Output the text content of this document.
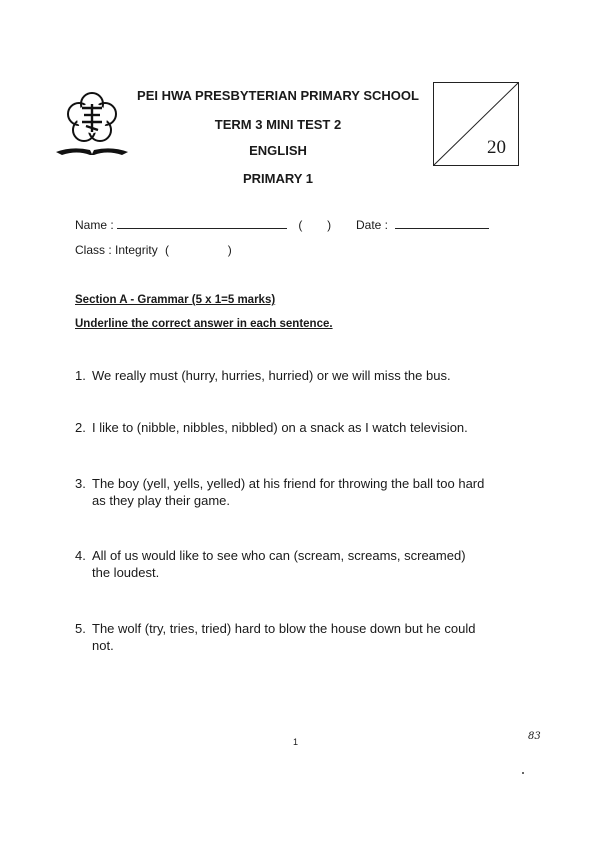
PEI HWA PRESBYTERIAN PRIMARY SCHOOL
TERM 3 MINI TEST 2
ENGLISH
PRIMARY 1
20
Name :	( ) Date :
Class : Integrity (	)
Section A - Grammar (5 x 1=5 marks)
Underline the correct answer in each sentence.
1. We really must (hurry, hurries, hurried) or we will miss the bus.
2. I like to (nibble, nibbles, nibbled) on a snack as I watch television.
3. The boy (yell, yells, yelled) at his friend for throwing the ball too hard
as they play their game.
4. All of us would like to see who can (scream, screams, screamed)
the loudest.
5. The wolf (try, tries, tried) hard to blow the house down but he could
not.
1	83
